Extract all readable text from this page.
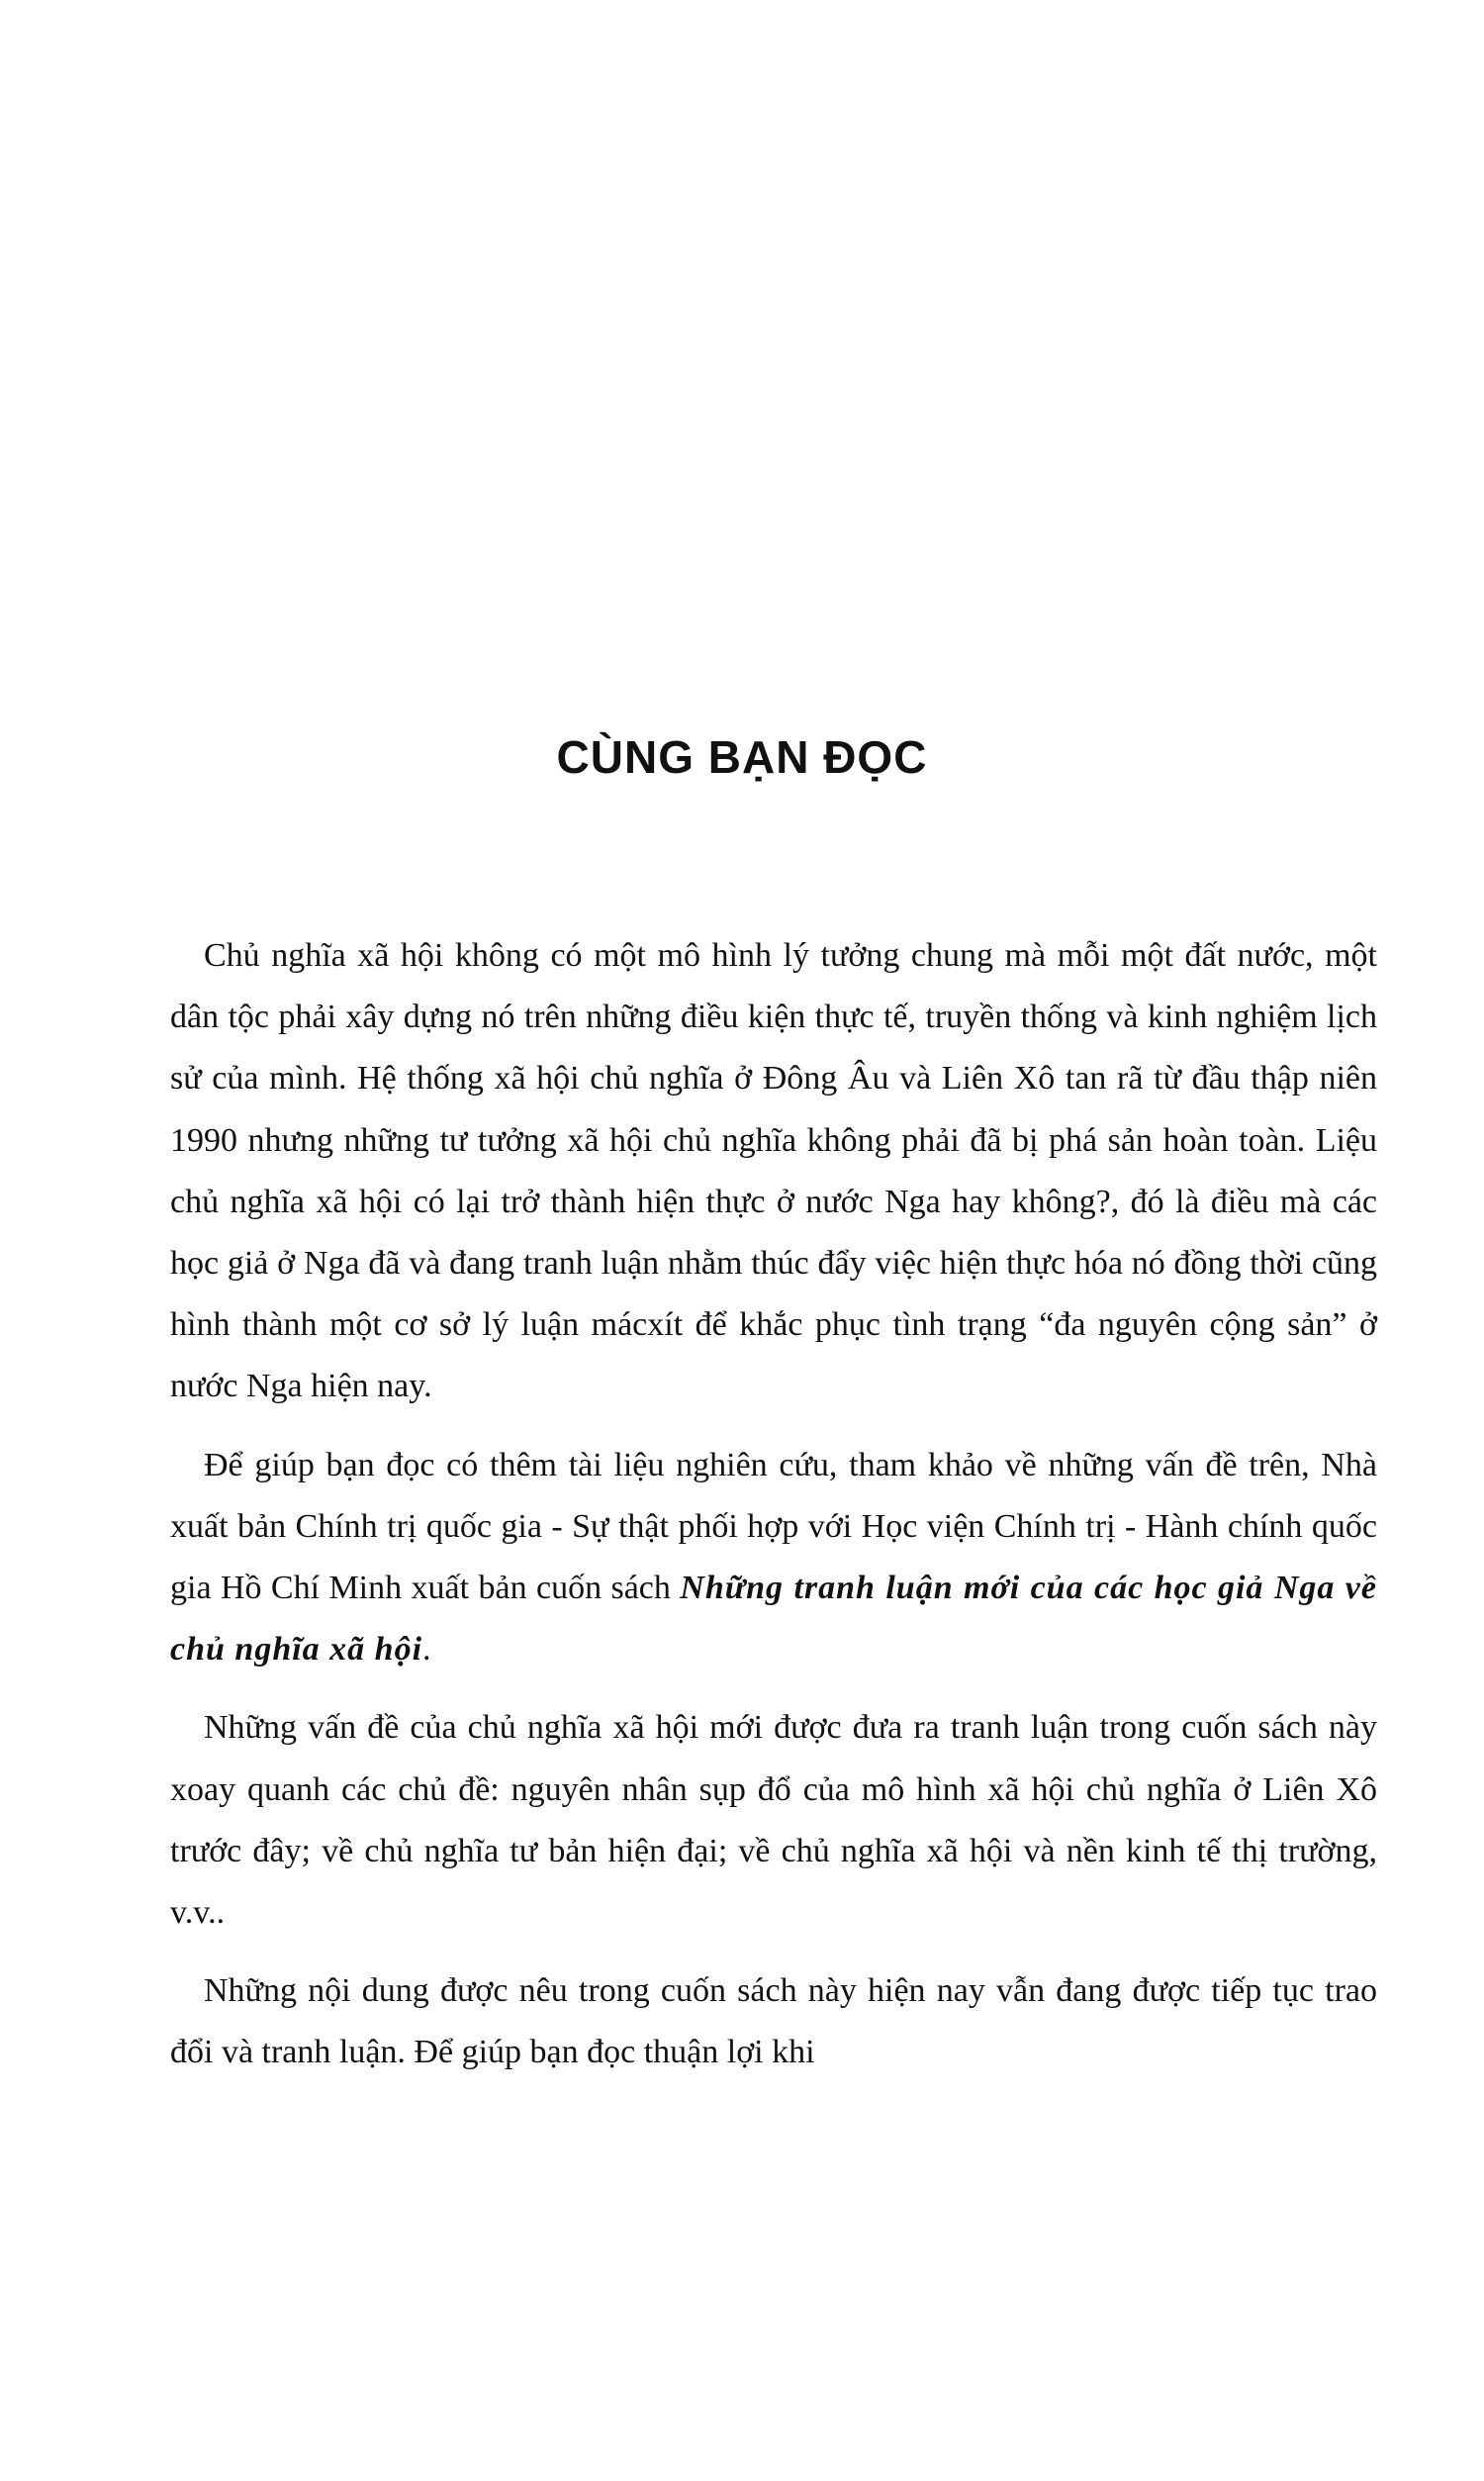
CÙNG BẠN ĐỌC

Chủ nghĩa xã hội không có một mô hình lý tưởng chung mà mỗi một đất nước, một dân tộc phải xây dựng nó trên những điều kiện thực tế, truyền thống và kinh nghiệm lịch sử của mình. Hệ thống xã hội chủ nghĩa ở Đông Âu và Liên Xô tan rã từ đầu thập niên 1990 nhưng những tư tưởng xã hội chủ nghĩa không phải đã bị phá sản hoàn toàn. Liệu chủ nghĩa xã hội có lại trở thành hiện thực ở nước Nga hay không?, đó là điều mà các học giả ở Nga đã và đang tranh luận nhằm thúc đẩy việc hiện thực hóa nó đồng thời cũng hình thành một cơ sở lý luận mácxít để khắc phục tình trạng “đa nguyên cộng sản” ở nước Nga hiện nay.

Để giúp bạn đọc có thêm tài liệu nghiên cứu, tham khảo về những vấn đề trên, Nhà xuất bản Chính trị quốc gia - Sự thật phối hợp với Học viện Chính trị - Hành chính quốc gia Hồ Chí Minh xuất bản cuốn sách Những tranh luận mới của các học giả Nga về chủ nghĩa xã hội.

Những vấn đề của chủ nghĩa xã hội mới được đưa ra tranh luận trong cuốn sách này xoay quanh các chủ đề: nguyên nhân sụp đổ của mô hình xã hội chủ nghĩa ở Liên Xô trước đây; về chủ nghĩa tư bản hiện đại; về chủ nghĩa xã hội và nền kinh tế thị trường, v.v..

Những nội dung được nêu trong cuốn sách này hiện nay vẫn đang được tiếp tục trao đổi và tranh luận. Để giúp bạn đọc thuận lợi khi
